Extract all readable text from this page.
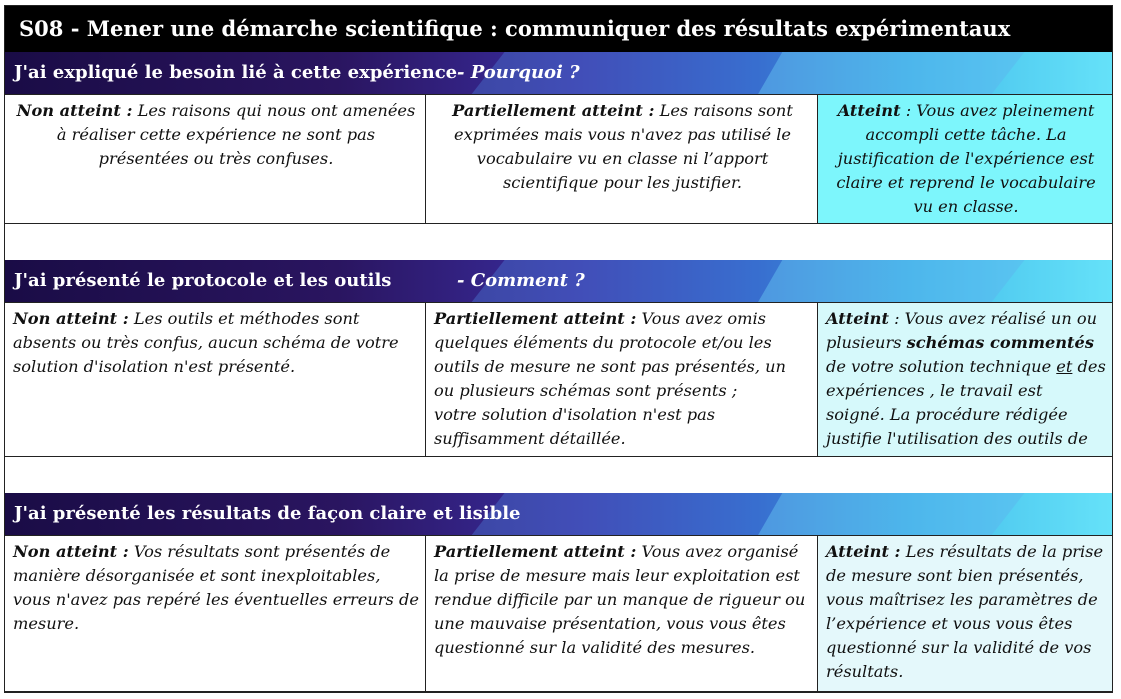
S08 - Mener une démarche scientifique : communiquer des résultats expérimentaux
J'ai expliqué le besoin lié à cette expérience - Pourquoi ?
Non atteint : Les raisons qui nous ont amenées à réaliser cette expérience ne sont pas présentées ou très confuses.
Partiellement atteint : Les raisons sont exprimées mais vous n'avez pas utilisé le vocabulaire vu en classe ni l’apport scientifique pour les justifier.
Atteint : Vous avez pleinement accompli cette tâche. La justification de l'expérience est claire et reprend le vocabulaire vu en classe.
J'ai présenté le protocole et les outils	- Comment ?
Non atteint : Les outils et méthodes sont absents ou très confus, aucun schéma de votre solution d'isolation n'est présenté.
Partiellement atteint : Vous avez omis quelques éléments du protocole et/ou les outils de mesure ne sont pas présentés, un ou plusieurs schémas sont présents ;
votre solution d'isolation n'est pas suffisamment détaillée.
Atteint : Vous avez réalisé un ou plusieurs schémas commentés de votre solution technique et des expériences , le travail est soigné. La procédure rédigée justifie l'utilisation des outils de
J'ai présenté les résultats de façon claire et lisible
Non atteint : Vos résultats sont présentés de manière désorganisée et sont inexploitables, vous n'avez pas repéré les éventuelles erreurs de mesure.
Partiellement atteint : Vous avez organisé la prise de mesure mais leur exploitation est rendue difficile par un manque de rigueur ou une mauvaise présentation, vous vous êtes questionné sur la validité des mesures.
Atteint : Les résultats de la prise de mesure sont bien présentés, vous maîtrisez les paramètres de l’expérience et vous vous êtes questionné sur la validité de vos résultats.
